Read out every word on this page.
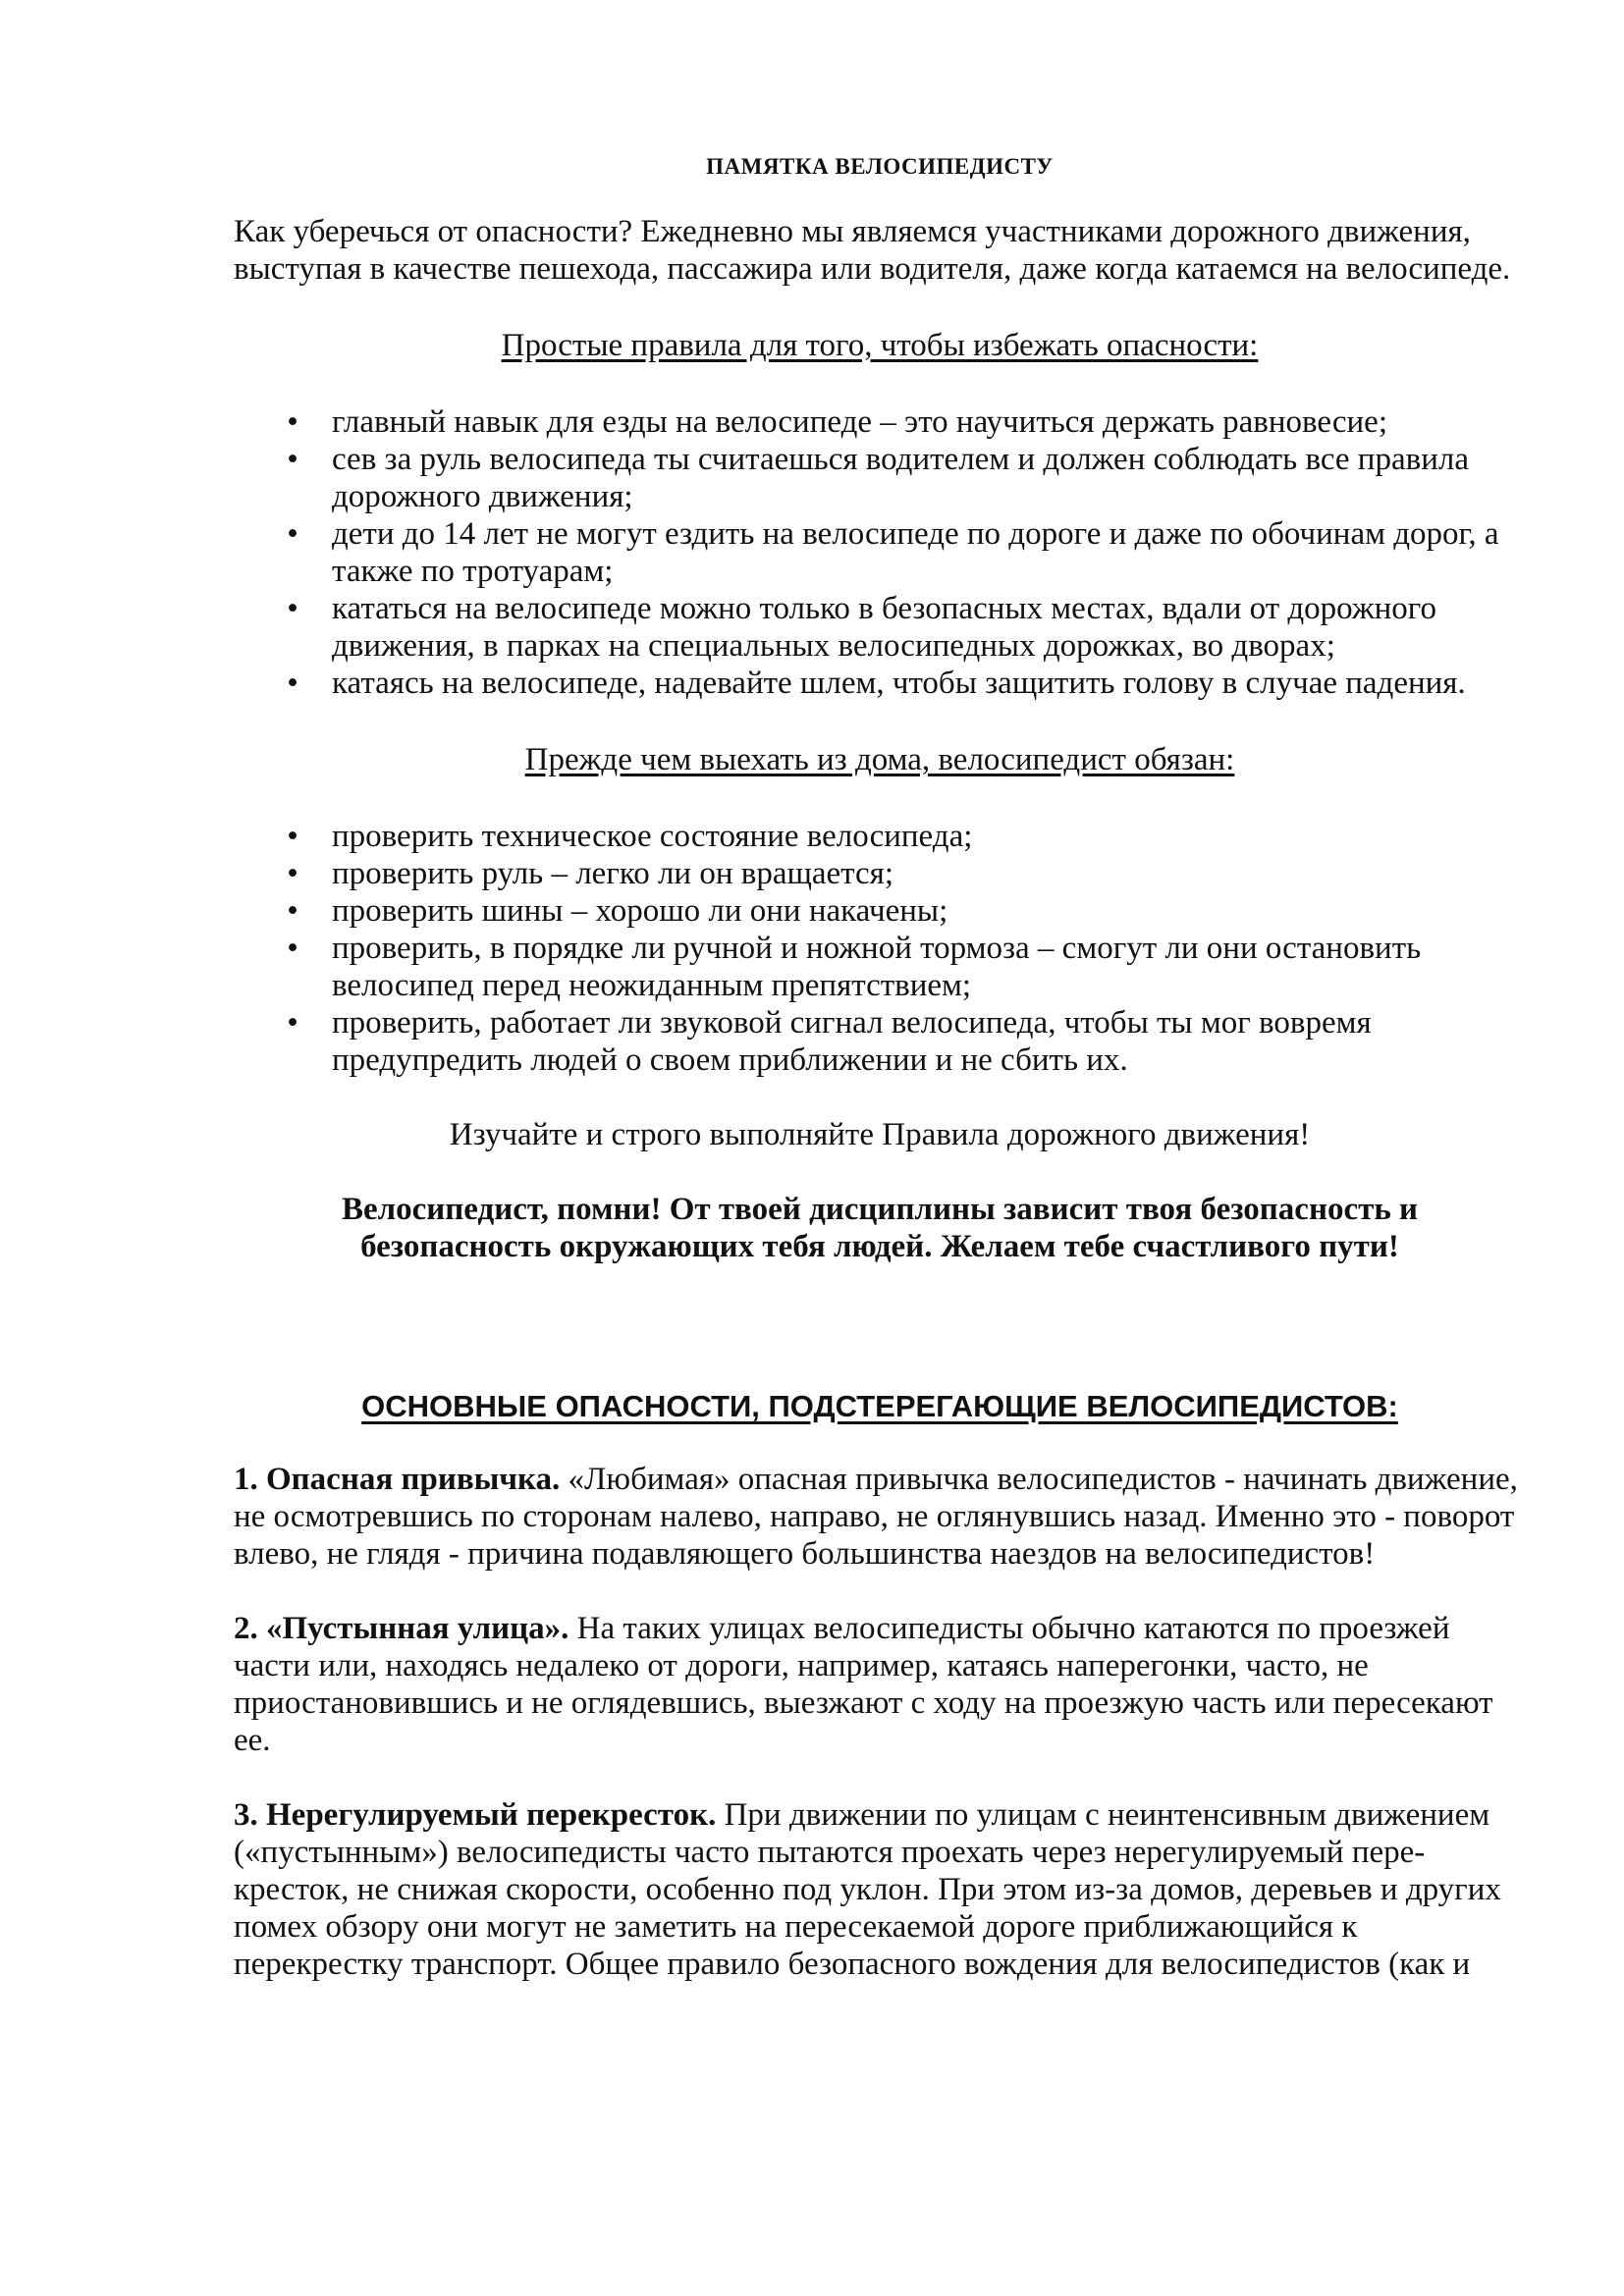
ПАМЯТКА ВЕЛОСИПЕДИСТУ

Как уберечься от опасности? Ежедневно мы являемся участниками дорожного движения, выступая в качестве пешехода, пассажира или водителя, даже когда катаемся на велосипеде.

Простые правила для того, чтобы избежать опасности:

• главный навык для езды на велосипеде – это научиться держать равновесие;
• сев за руль велосипеда ты считаешься водителем и должен соблюдать все правила дорожного движения;
• дети до 14 лет не могут ездить на велосипеде по дороге и даже по обочинам дорог, а также по тротуарам;
• кататься на велосипеде можно только в безопасных местах, вдали от дорожного движения, в парках на специальных велосипедных дорожках, во дворах;
• катаясь на велосипеде, надевайте шлем, чтобы защитить голову в случае падения.

Прежде чем выехать из дома, велосипедист обязан:

• проверить техническое состояние велосипеда;
• проверить руль – легко ли он вращается;
• проверить шины – хорошо ли они накачены;
• проверить, в порядке ли ручной и ножной тормоза – смогут ли они остановить велосипед перед неожиданным препятствием;
• проверить, работает ли звуковой сигнал велосипеда, чтобы ты мог вовремя предупредить людей о своем приближении и не сбить их.

Изучайте и строго выполняйте Правила дорожного движения!

Велосипедист, помни! От твоей дисциплины зависит твоя безопасность и
безопасность окружающих тебя людей. Желаем тебе счастливого пути!

ОСНОВНЫЕ ОПАСНОСТИ, ПОДСТЕРЕГАЮЩИЕ ВЕЛОСИПЕДИСТОВ:

1. Опасная привычка. «Любимая» опасная привычка велосипедистов - начинать движение, не осмотревшись по сторонам налево, направо, не оглянувшись назад. Именно это - поворот влево, не глядя - причина подавляющего большинства наездов на велосипедистов!

2. «Пустынная улица». На таких улицах велосипедисты обычно катаются по проезжей части или, находясь недалеко от дороги, например, катаясь наперегонки, часто, не приостановившись и не оглядевшись, выезжают с ходу на проезжую часть или пересекают ее.

3. Нерегулируемый перекресток. При движении по улицам с неинтенсивным движением («пустынным») велосипедисты часто пытаются проехать через нерегулируемый пере-кресток, не снижая скорости, особенно под уклон. При этом из-за домов, деревьев и других помех обзору они могут не заметить на пересекаемой дороге приближающийся к перекрестку транспорт. Общее правило безопасного вождения для велосипедистов (как и
